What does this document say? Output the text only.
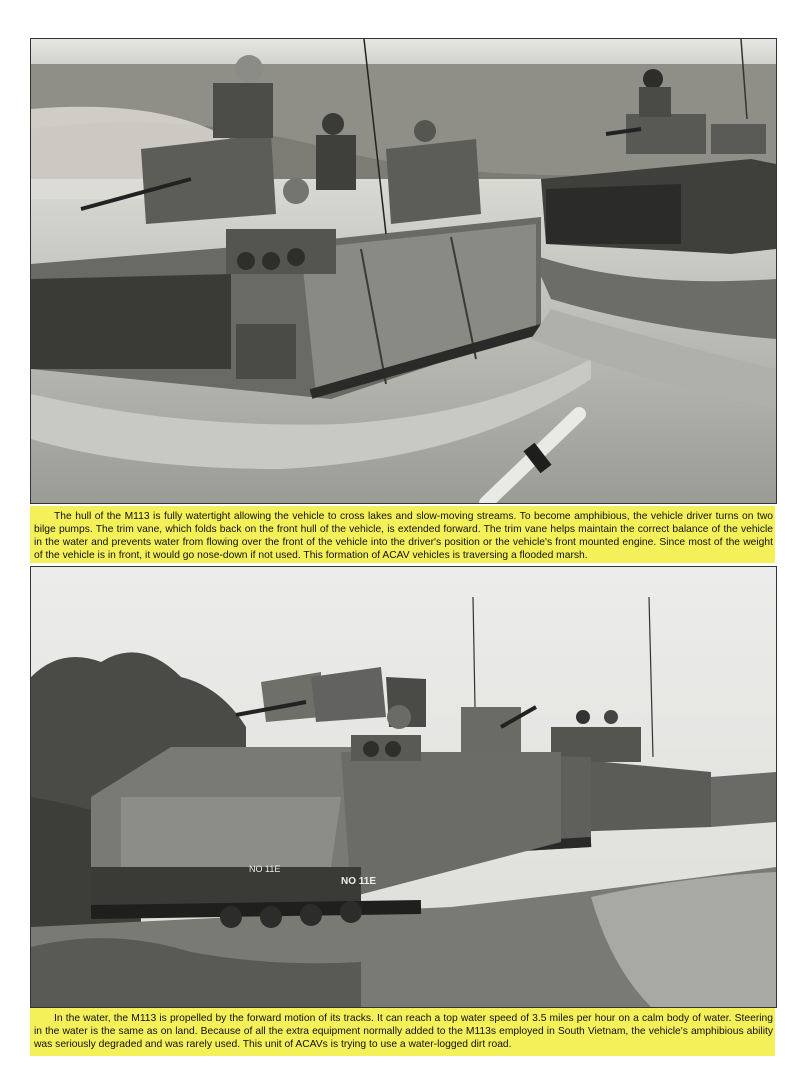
The hull of the M113 is fully watertight allowing the vehicle to cross lakes and slow-moving streams. To become amphibious, the vehicle driver turns on two bilge pumps. The trim vane, which folds back on the front hull of the vehicle, is extended forward. The trim vane helps maintain the correct balance of the vehicle in the water and prevents water from flowing over the front of the vehicle into the driver's position or the vehicle's front mounted engine. Since most of the weight of the vehicle is in front, it would go nose-down if not used. This formation of ACAV vehicles is traversing a flooded marsh.

NO 11E
NO 11E

In the water, the M113 is propelled by the forward motion of its tracks. It can reach a top water speed of 3.5 miles per hour on a calm body of water. Steering in the water is the same as on land. Because of all the extra equipment normally added to the M113s employed in South Vietnam, the vehicle's amphibious ability was seriously degraded and was rarely used. This unit of ACAVs is trying to use a water-logged dirt road.
